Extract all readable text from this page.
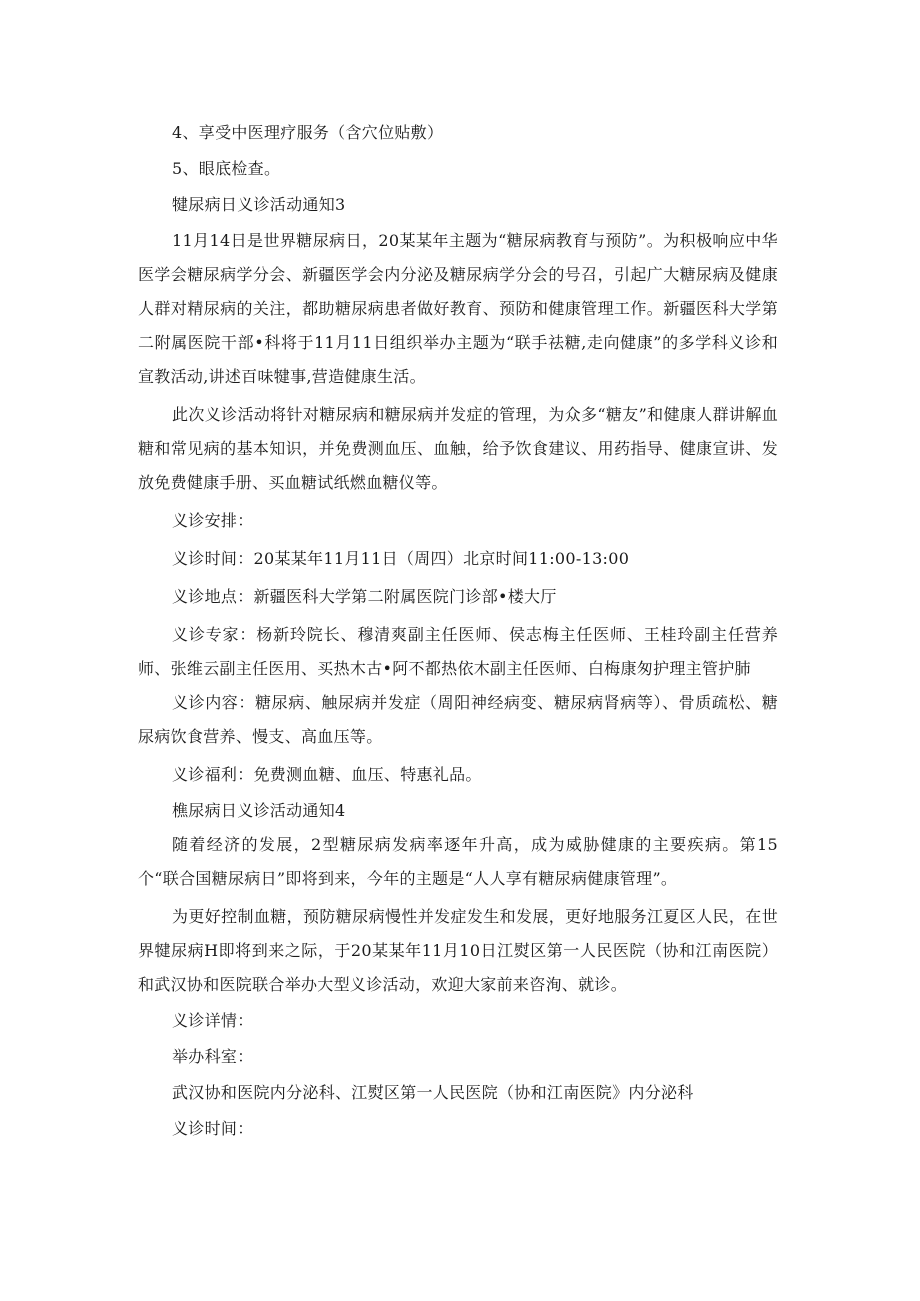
4、享受中医理疗服务（含穴位贴敷）

5、眼底检查。

犍尿病日义诊活动通知3

11月14日是世界糖尿病日，20某某年主题为“糖尿病教育与预防”。为积极响应中华医学会糖尿病学分会、新疆医学会内分泌及糖尿病学分会的号召，引起广大糖尿病及健康人群对精尿病的关注，都助糖尿病患者做好教育、预防和健康管理工作。新疆医科大学第二附属医院干部•科将于11月11日组织举办主题为“联手祛糖,走向健康”的多学科义诊和宣教活动,讲述百味犍事,营造健康生活。

此次义诊活动将针对糖尿病和糖尿病并发症的管理，为众多“糖友”和健康人群讲解血糖和常见病的基本知识，并免费测血压、血触，给予饮食建议、用药指导、健康宣讲、发放免费健康手册、买血糖试纸燃血糖仪等。

义诊安排：

义诊时间：20某某年11月11日（周四）北京时间11:00-13:00

义诊地点：新疆医科大学第二附属医院门诊部•楼大厅

义诊专家：杨新玲院长、穆清爽副主任医师、侯志梅主任医师、王桂玲副主任营养师、张维云副主任医用、买热木古•阿不都热依木副主任医师、白梅康匆护理主管护肺

义诊内容：糖尿病、触尿病并发症（周阳神经病变、糖尿病肾病等）、骨质疏松、糖尿病饮食营养、慢支、高血压等。

义诊福利：免费测血糖、血压、特惠礼品。

樵尿病日义诊活动通知4

随着经济的发展，2型糖尿病发病率逐年升高，成为威胁健康的主要疾病。第15个“联合国糖尿病日”即将到来，今年的主题是“人人享有糖尿病健康管理”。

为更好控制血糖，预防糖尿病慢性并发症发生和发展，更好地服务江夏区人民，在世界犍尿病H即将到来之际，于20某某年11月10日江熨区第一人民医院（协和江南医院）和武汉协和医院联合举办大型义诊活动，欢迎大家前来咨洵、就诊。

义诊详情：

举办科室：

武汉协和医院内分泌科、江熨区第一人民医院（协和江南医院》内分泌科

义诊时间：
